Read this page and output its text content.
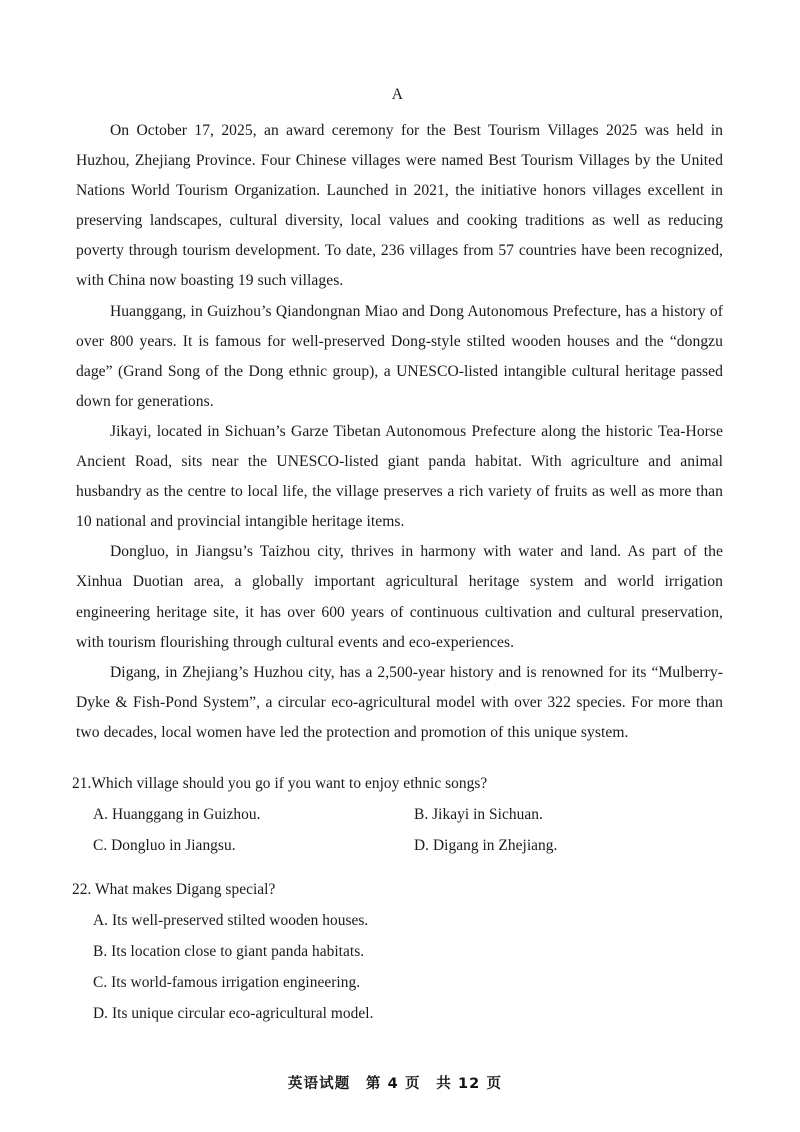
A

On October 17, 2025, an award ceremony for the Best Tourism Villages 2025 was held in Huzhou, Zhejiang Province. Four Chinese villages were named Best Tourism Villages by the United Nations World Tourism Organization. Launched in 2021, the initiative honors villages excellent in preserving landscapes, cultural diversity, local values and cooking traditions as well as reducing poverty through tourism development. To date, 236 villages from 57 countries have been recognized, with China now boasting 19 such villages.

Huanggang, in Guizhou’s Qiandongnan Miao and Dong Autonomous Prefecture, has a history of over 800 years. It is famous for well-preserved Dong-style stilted wooden houses and the “dongzu dage” (Grand Song of the Dong ethnic group), a UNESCO-listed intangible cultural heritage passed down for generations.

Jikayi, located in Sichuan’s Garze Tibetan Autonomous Prefecture along the historic Tea-Horse Ancient Road, sits near the UNESCO-listed giant panda habitat. With agriculture and animal husbandry as the centre to local life, the village preserves a rich variety of fruits as well as more than 10 national and provincial intangible heritage items.

Dongluo, in Jiangsu’s Taizhou city, thrives in harmony with water and land. As part of the Xinhua Duotian area, a globally important agricultural heritage system and world irrigation engineering heritage site, it has over 600 years of continuous cultivation and cultural preservation, with tourism flourishing through cultural events and eco-experiences.

Digang, in Zhejiang’s Huzhou city, has a 2,500-year history and is renowned for its “Mulberry-Dyke & Fish-Pond System”, a circular eco-agricultural model with over 322 species. For more than two decades, local women have led the protection and promotion of this unique system.

21.Which village should you go if you want to enjoy ethnic songs?

A. Huanggang in Guizhou.	B. Jikayi in Sichuan.
C. Dongluo in Jiangsu.	D. Digang in Zhejiang.

22. What makes Digang special?

A. Its well-preserved stilted wooden houses.
B. Its location close to giant panda habitats.
C. Its world-famous irrigation engineering.
D. Its unique circular eco-agricultural model.
英语试题　第 4 页　共 12 页
